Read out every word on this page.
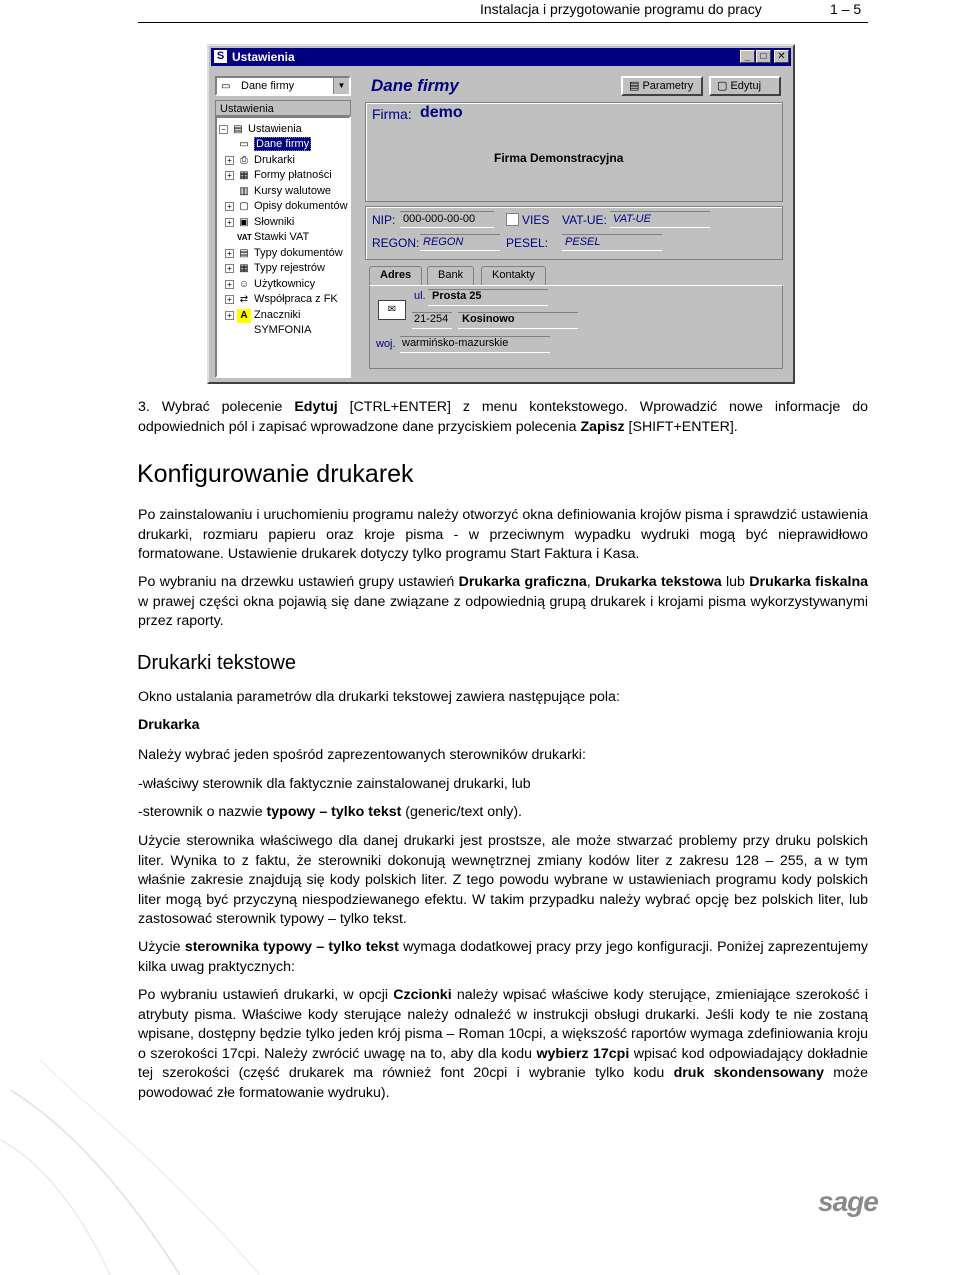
Instalacja i przygotowanie programu do pracy	1 – 5
S Ustawienia	_	□	✕
▭ Dane firmy	▼
Ustawienia
− ▤ Ustawienia
▭ Dane firmy
+ ⎙ Drukarki
+ ▦ Formy płatności
▥ Kursy walutowe
+ ▢ Opisy dokumentów
+ ▣ Słowniki
VAT Stawki VAT
+ ▤ Typy dokumentów
+ ▦ Typy rejestrów
+ ☺ Użytkownicy
+ ⇄ Współpraca z FK
+ A Znaczniki
SYMFONIA
Dane firmy	▤ Parametry	▢ Edytuj
Firma: demo
Firma Demonstracyjna
NIP: 000-000-00-00	VIES VAT-UE: VAT-UE
REGON: REGON	PESEL: PESEL
Adres	Bank	Kontakty
✉
ul. Prosta 25
21-254 Kosinowo
woj. warmińsko-mazurskie
3. Wybrać polecenie Edytuj [CTRL+ENTER] z menu kontekstowego. Wprowadzić nowe informacje do odpowiednich pól i zapisać wprowadzone dane przyciskiem polecenia Zapisz [SHIFT+ENTER].
Konfigurowanie drukarek
Po zainstalowaniu i uruchomieniu programu należy otworzyć okna definiowania krojów pisma i sprawdzić ustawienia drukarki, rozmiaru papieru oraz kroje pisma - w przeciwnym wypadku wydruki mogą być nieprawidłowo formatowane. Ustawienie drukarek dotyczy tylko programu Start Faktura i Kasa.
Po wybraniu na drzewku ustawień grupy ustawień Drukarka graficzna, Drukarka tekstowa lub Drukarka fiskalna w prawej części okna pojawią się dane związane z odpowiednią grupą drukarek i krojami pisma wykorzystywanymi przez raporty.
Drukarki tekstowe
Okno ustalania parametrów dla drukarki tekstowej zawiera następujące pola:
Drukarka
Należy wybrać jeden spośród zaprezentowanych sterowników drukarki:
-właściwy sterownik dla faktycznie zainstalowanej drukarki, lub
-sterownik o nazwie typowy – tylko tekst (generic/text only).
Użycie sterownika właściwego dla danej drukarki jest prostsze, ale może stwarzać problemy przy druku polskich liter. Wynika to z faktu, że sterowniki dokonują wewnętrznej zmiany kodów liter z zakresu 128 – 255, a w tym właśnie zakresie znajdują się kody polskich liter. Z tego powodu wybrane w ustawieniach programu kody polskich liter mogą być przyczyną niespodziewanego efektu. W takim przypadku należy wybrać opcję bez polskich liter, lub zastosować sterownik typowy – tylko tekst.
Użycie sterownika typowy – tylko tekst wymaga dodatkowej pracy przy jego konfiguracji. Poniżej zaprezentujemy kilka uwag praktycznych:
Po wybraniu ustawień drukarki, w opcji Czcionki należy wpisać właściwe kody sterujące, zmieniające szerokość i atrybuty pisma. Właściwe kody sterujące należy odnaleźć w instrukcji obsługi drukarki. Jeśli kody te nie zostaną wpisane, dostępny będzie tylko jeden krój pisma – Roman 10cpi, a większość raportów wymaga zdefiniowania kroju o szerokości 17cpi. Należy zwrócić uwagę na to, aby dla kodu wybierz 17cpi wpisać kod odpowiadający dokładnie tej szerokości (część drukarek ma również font 20cpi i wybranie tylko kodu druk skondensowany może powodować złe formatowanie wydruku).
sage
